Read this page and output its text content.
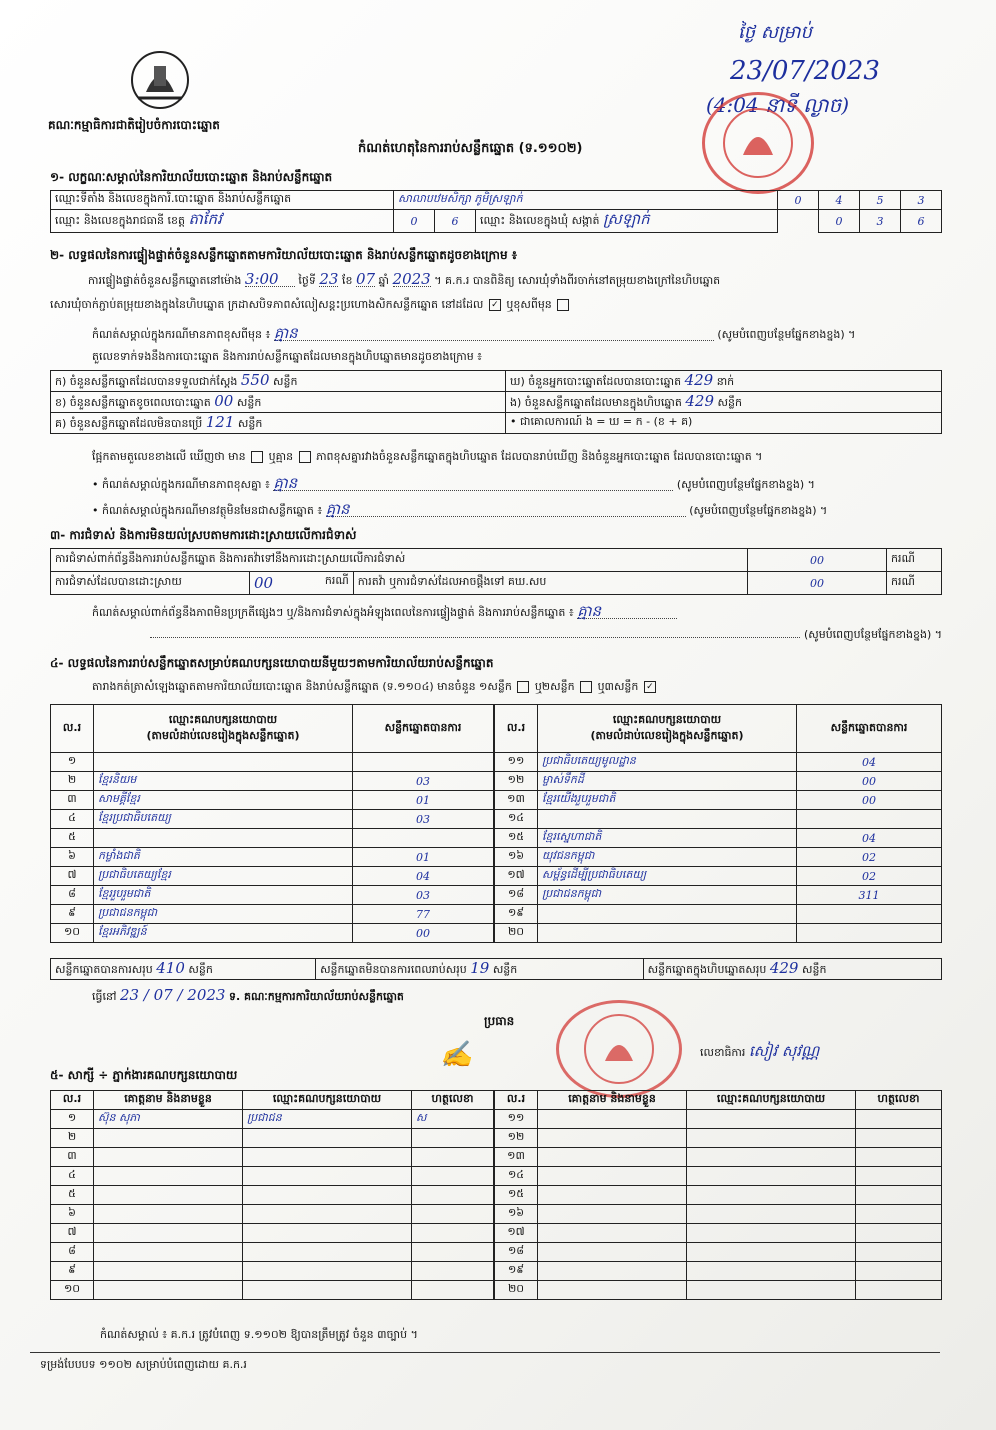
គណៈកម្មាធិការជាតិរៀបចំការបោះឆ្នោត
ថ្ងៃ សម្រាប់
23/07/2023
(4:04 នាទី ល្ងាច)
កំណត់ហេតុនៃការរាប់សន្លឹកឆ្នោត (ទ.១១០២)
១- លក្ខណៈសម្គាល់នៃការិយាល័យបោះឆ្នោត និងរាប់សន្លឹកឆ្នោត
ឈ្មោះទីតាំង និងលេខក្នុងការិ.បោះឆ្នោត និងរាប់សន្លឹកឆ្នោត	សាលាបឋមសិក្សា ភូមិស្រឡាក់			0	4	5	3
ឈ្មោះ និងលេខក្នុងរាជធានី ខេត្ត តាកែវ	0	6	ឈ្មោះ និងលេខក្នុងឃុំ សង្កាត់ ស្រឡាក់		0	3	6
២- លទ្ធផលនៃការផ្ទៀងផ្ទាត់ចំនួនសន្លឹកឆ្នោតតាមការិយាល័យបោះឆ្នោត និងរាប់សន្លឹកឆ្នោតដូចខាងក្រោម ៖
ការផ្ទៀងផ្ទាត់ចំនួនសន្លឹកឆ្នោតនៅម៉ោង 3:00 ថ្ងៃទី 23 ខែ 07 ឆ្នាំ 2023 ។ គ.ក.រ បានពិនិត្យ សោរឃុំទាំងពីរចាក់នៅតម្រុយខាងក្រៅនៃហិបឆ្នោត
សោរឃុំចាក់ភ្ជាប់តម្រុយខាងក្នុងនៃហិបឆ្នោត ក្រដាសបិទភាពសំលៀសន្តះប្រហោងសិកសន្លឹកឆ្នោត នៅដដែល ✓ ឬខុសពីមុន
កំណត់សម្គាល់ក្នុងករណីមានភាពខុសពីមុន ៖ គ្មាន	(សូមបំពេញបន្ថែមផ្នែកខាងខ្នង) ។
តួលេខទាក់ទងនឹងការបោះឆ្នោត និងការរាប់សន្លឹកឆ្នោតដែលមានក្នុងហិបឆ្នោតមានដូចខាងក្រោម ៖
ក) ចំនួនសន្លឹកឆ្នោតដែលបានទទួលជាក់ស្ដែង 550 សន្លឹក	ឃ) ចំនួនអ្នកបោះឆ្នោតដែលបានបោះឆ្នោត 429 នាក់
ខ) ចំនួនសន្លឹកឆ្នោតខូចពេលបោះឆ្នោត 00 សន្លឹក	ង) ចំនួនសន្លឹកឆ្នោតដែលមានក្នុងហិបឆ្នោត 429 សន្លឹក
គ) ចំនួនសន្លឹកឆ្នោតដែលមិនបានប្រើ 121 សន្លឹក	• ជាគោលការណ៍ ង = ឃ = ក - (ខ + គ)
ផ្អែកតាមតួលេខខាងលើ ឃើញថា មាន ឬគ្មាន ភាពខុសគ្នារវាងចំនួនសន្លឹកឆ្នោតក្នុងហិបឆ្នោត ដែលបានរាប់ឃើញ និងចំនួនអ្នកបោះឆ្នោត ដែលបានបោះឆ្នោត ។
• កំណត់សម្គាល់ក្នុងករណីមានភាពខុសគ្នា ៖ គ្មាន	(សូមបំពេញបន្ថែមផ្នែកខាងខ្នង) ។
• កំណត់សម្គាល់ក្នុងករណីមានវត្ថុមិនមែនជាសន្លឹកឆ្នោត ៖ គ្មាន	(សូមបំពេញបន្ថែមផ្នែកខាងខ្នង) ។
៣- ការជំទាស់ និងការមិនយល់ស្របតាមការដោះស្រាយលើការជំទាស់
ការជំទាស់ពាក់ព័ន្ធនឹងការរាប់សន្លឹកឆ្នោត និងការតវ៉ាទៅនឹងការដោះស្រាយលើការជំទាស់			00	ករណី
ការជំទាស់ដែលបានដោះស្រាយ	00 ករណី	ការតវ៉ា ឬការជំទាស់ដែលអាចផ្ដឹងទៅ គឃ.សប	00	ករណី
កំណត់សម្គាល់ពាក់ព័ន្ធនឹងភាពមិនប្រក្រតីផ្សេងៗ ឬ/និងការជំទាស់ក្នុងអំឡុងពេលនៃការផ្ទៀងផ្ទាត់ និងការរាប់សន្លឹកឆ្នោត ៖ គ្មាន
(សូមបំពេញបន្ថែមផ្នែកខាងខ្នង) ។
៤- លទ្ធផលនៃការរាប់សន្លឹកឆ្នោតសម្រាប់គណបក្សនយោបាយនីមួយៗតាមការិយាល័យរាប់សន្លឹកឆ្នោត
តារាងកត់ត្រាសំឡេងឆ្នោតតាមការិយាល័យបោះឆ្នោត និងរាប់សន្លឹកឆ្នោត (ទ.១១០៤) មានចំនួន ១សន្លឹក ឬ២សន្លឹក ឬ៣សន្លឹក ✓
ល.រ	ឈ្មោះគណបក្សនយោបាយ
(តាមលំដាប់លេខរៀងក្នុងសន្លឹកឆ្នោត)	សន្លឹកឆ្នោតបានការ
១		
២	ខ្មែរនិយម	03
៣	សាមគ្គីខ្មែរ	01
៤	ខ្មែរប្រជាធិបតេយ្យ	03
៥		
៦	កម្លាំងជាតិ	01
៧	ប្រជាធិបតេយ្យខ្មែរ	04
៨	ខ្មែររួបរួមជាតិ	03
៩	ប្រជាជនកម្ពុជា	77
១០	ខ្មែរអភិវឌ្ឍន៍	00
ល.រ	ឈ្មោះគណបក្សនយោបាយ
(តាមលំដាប់លេខរៀងក្នុងសន្លឹកឆ្នោត)	សន្លឹកឆ្នោតបានការ
១១	ប្រជាធិបតេយ្យមូលដ្ឋាន	04
១២	ម្ចាស់ទឹកដី	00
១៣	ខ្មែរយើងរួបរួមជាតិ	00
១៤		
១៥	ខ្មែរស្នេហាជាតិ	04
១៦	យុវជនកម្ពុជា	02
១៧	សម្ព័ន្ធដើម្បីប្រជាធិបតេយ្យ	02
១៨	ប្រជាជនកម្ពុជា	311
១៩		
២០		
សន្លឹកឆ្នោតបានការសរុប 410 សន្លឹក	សន្លឹកឆ្នោតមិនបានការពេលរាប់សរុប 19 សន្លឹក	សន្លឹកឆ្នោតក្នុងហិបឆ្នោតសរុប 429 សន្លឹក
ធ្វើនៅ 23 / 07 / 2023 ទ. គណៈកម្មការការិយាល័យរាប់សន្លឹកឆ្នោត
ប្រធាន
✍	លេខាធិការ សៀវ សុវណ្ណ
៥- សាក្សី ÷ ភ្នាក់ងារគណបក្សនយោបាយ
ល.រ	គោត្តនាម និងនាមខ្លួន	ឈ្មោះគណបក្សនយោបាយ	ហត្ថលេខា
១	ស៊ុន សុភា	ប្រជាជន	ស
២			
៣			
៤			
៥			
៦			
៧			
៨			
៩			
១០			
ល.រ	គោត្តនាម និងនាមខ្លួន	ឈ្មោះគណបក្សនយោបាយ	ហត្ថលេខា
១១			
១២			
១៣			
១៤			
១៥			
១៦			
១៧			
១៨			
១៩			
២០			
កំណត់សម្គាល់ ៖ គ.ក.រ ត្រូវបំពេញ ទ.១១០២ ឱ្យបានត្រឹមត្រូវ ចំនួន ៣ច្បាប់ ។
ទម្រង់បែបបទ ១១០២ សម្រាប់បំពេញដោយ គ.ក.រ
